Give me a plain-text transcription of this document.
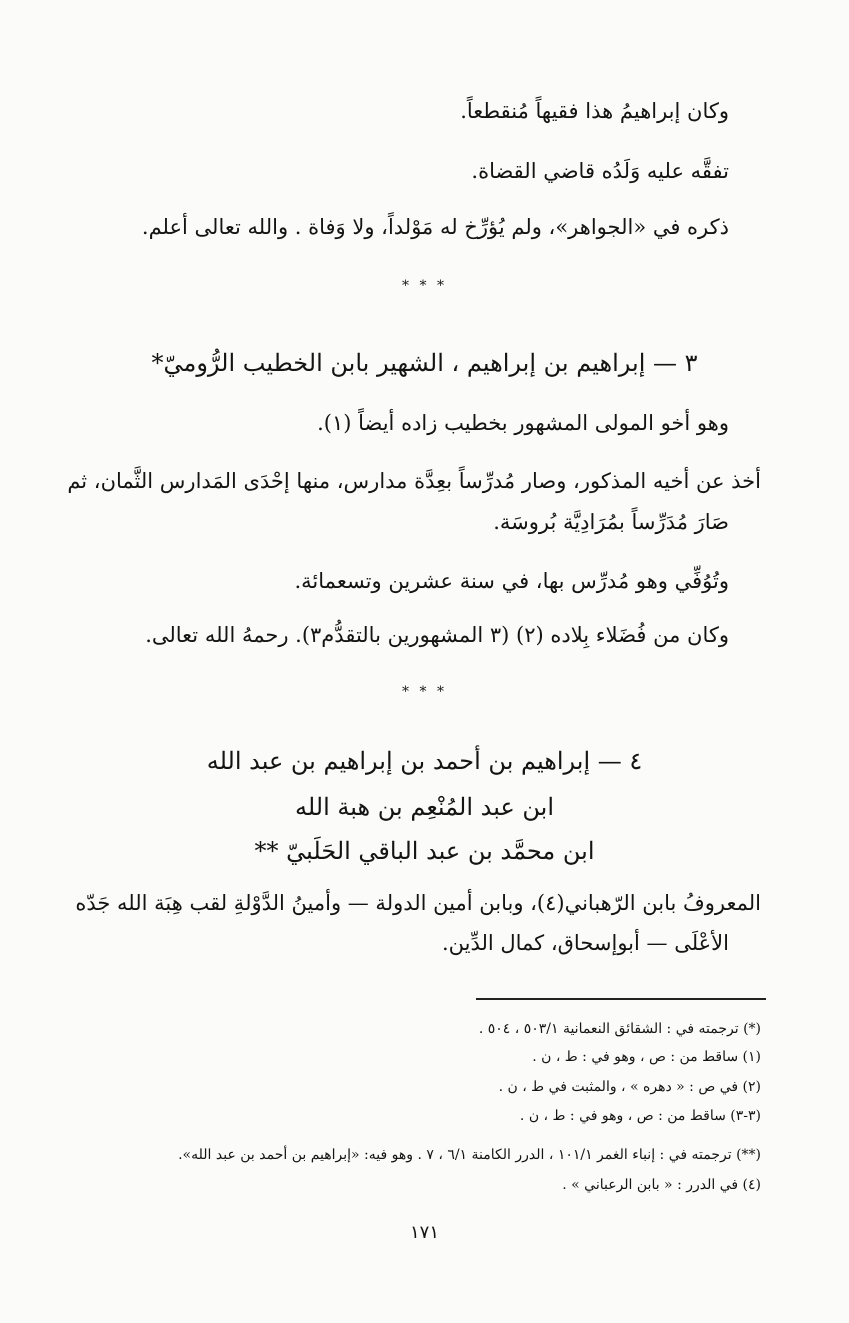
وكان إبراهيمُ هذا فقيهاً مُنقطعاً.
تفقَّه عليه وَلَدُه قاضي القضاة.
ذكره في «الجواهر»، ولم يُؤرِّخ له مَوْلداً، ولا وَفاة . والله تعالى أعلم.
* * *
٣ — إبراهيم بن إبراهيم ، الشهير بابن الخطيب الرُّوميّ*
وهو أخو المولى المشهور بخطيب زاده أيضاً (١).
أخذ عن أخيه المذكور، وصار مُدرِّساً بعِدَّة مدارس، منها إحْدَى المَدارس الثَّمان، ثم
صَارَ مُدَرِّساً بمُرَادِيَّة بُروسَة.
وتُوُفِّي وهو مُدرِّس بها، في سنة عشرين وتسعمائة.
وكان من فُضَلاء بِلاده (٢) (٣ المشهورين بالتقدُّم٣). رحمهُ الله تعالى.
* * *
٤ — إبراهيم بن أحمد بن إبراهيم بن عبد الله
ابن عبد المُنْعِم بن هبة الله
ابن محمَّد بن عبد الباقي الحَلَبيّ **
المعروفُ بابن الرّهباني(٤)، وبابن أمين الدولة — وأمينُ الدَّوْلةِ لقب هِبَة الله جَدّه
الأعْلَى — أبوإسحاق، كمال الدِّين.
(*) ترجمته في : الشقائق النعمانية ٥٠٣/١ ، ٥٠٤ .
(١) ساقط من : ص ، وهو في : ط ، ن .
(٢) في ص : « دهره » ، والمثبت في ط ، ن .
(٣-٣) ساقط من : ص ، وهو في : ط ، ن .
(**) ترجمته في : إنباء الغمر ١٠١/١ ، الدرر الكامنة ٦/١ ، ٧ . وهو فيه: «إبراهيم بن أحمد بن عبد الله».
(٤) في الدرر : « بابن الرعباني » .
١٧١
